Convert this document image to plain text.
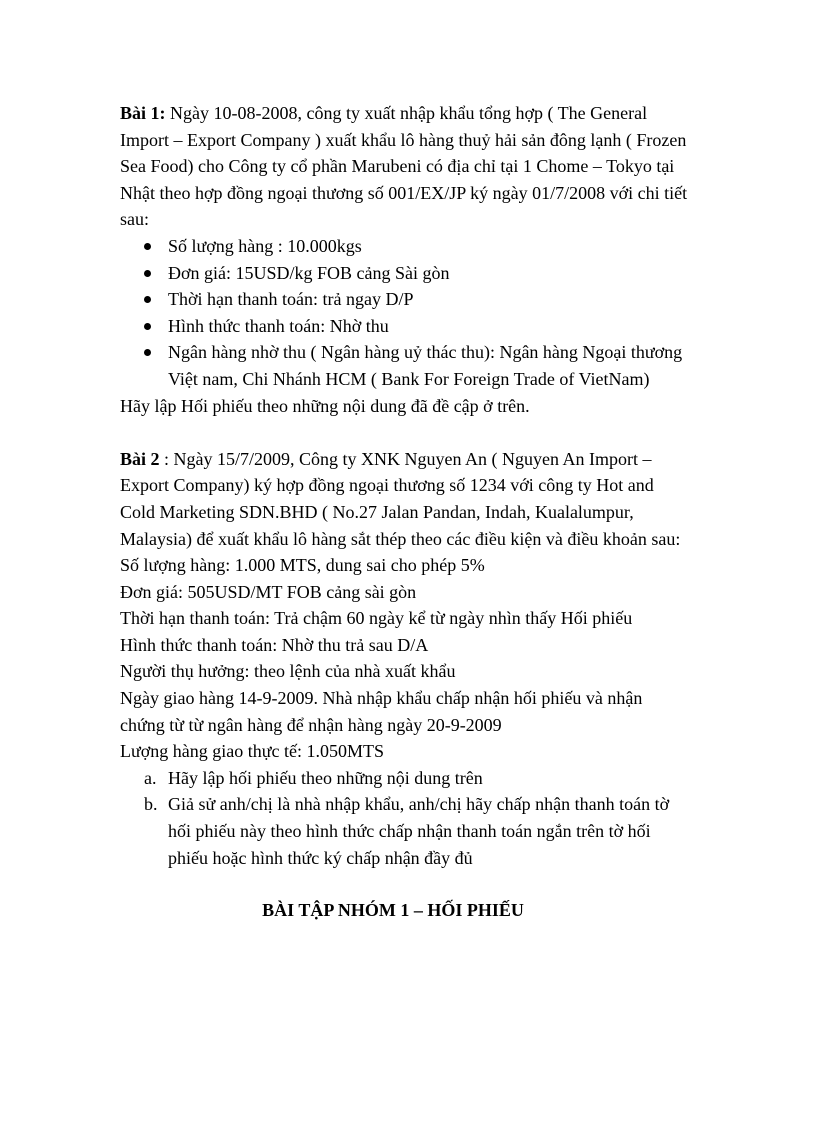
Bài 1: Ngày 10-08-2008, công ty xuất nhập khẩu tổng hợp ( The General Import – Export Company ) xuất khẩu lô hàng thuỷ hải sản đông lạnh ( Frozen Sea Food) cho Công ty cổ phần Marubeni có địa chỉ tại 1 Chome – Tokyo tại Nhật theo hợp đồng ngoại thương số 001/EX/JP ký ngày 01/7/2008 với chi tiết sau:

Số lượng hàng : 10.000kgs
Đơn giá: 15USD/kg FOB cảng Sài gòn
Thời hạn thanh toán: trả ngay D/P
Hình thức thanh toán: Nhờ thu
Ngân hàng nhờ thu ( Ngân hàng uỷ thác thu): Ngân hàng Ngoại thương Việt nam, Chi Nhánh HCM ( Bank For Foreign Trade of VietNam)

Hãy lập Hối phiếu theo những nội dung đã đề cập ở trên.

Bài 2 : Ngày 15/7/2009, Công ty XNK Nguyen An ( Nguyen An Import – Export Company) ký hợp đồng ngoại thương số 1234 với công ty Hot and Cold Marketing SDN.BHD ( No.27 Jalan Pandan, Indah, Kualalumpur, Malaysia) để xuất khẩu lô hàng sắt thép theo các điều kiện và điều khoản sau:

Số lượng hàng: 1.000 MTS, dung sai cho phép 5%

Đơn giá: 505USD/MT FOB cảng sài gòn

Thời hạn thanh toán: Trả chậm 60 ngày kể từ ngày nhìn thấy Hối phiếu

Hình thức thanh toán: Nhờ thu trả sau D/A

Người thụ hưởng: theo lệnh của nhà xuất khẩu

Ngày giao hàng 14-9-2009. Nhà nhập khẩu chấp nhận hối phiếu và nhận chứng từ từ ngân hàng để nhận hàng ngày 20-9-2009

Lượng hàng giao thực tế: 1.050MTS

a. Hãy lập hối phiếu theo những nội dung trên
b. Giả sử anh/chị là nhà nhập khẩu, anh/chị hãy chấp nhận thanh toán tờ hối phiếu này theo hình thức chấp nhận thanh toán ngắn trên tờ hối phiếu hoặc hình thức ký chấp nhận đầy đủ

BÀI TẬP NHÓM 1 – HỐI PHIẾU
